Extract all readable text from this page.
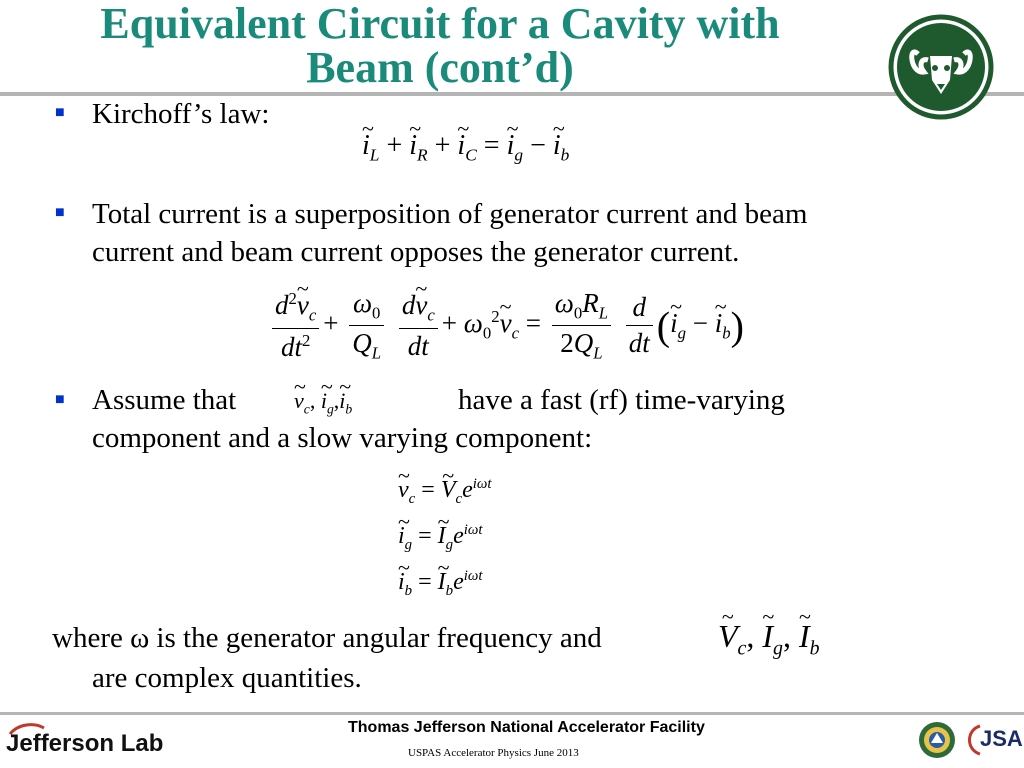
Equivalent Circuit for a Cavity with
Beam (cont’d)
■ Kirchoff’s law:
~ $i_L$ + ~ $i_R$ + ~ $i_C$ = ~ $i_g$ − ~ $i_b$
■ Total current is a superposition of generator current and beam
current and beam current opposes the generator current.
$\frac{d^2\sim v_c}{dt^2} + \frac{\omega_0}{Q_L}$
$\frac{d\sim v_c}{dt}$ + $\omega_0^2\sim$ $v_c = \frac{\omega_0R_L}{2Q_L}$
$\frac{d}{dt}$ (~ $i_g$ − ~ $i_b$)
■ Assume that	~ $v_c$, ~ $i_g,\sim$ $i_b$	have a fast (rf) time-varying
component and a slow varying component:
~ $v_c$ = ~ $V_ce^{i\omega t}$
~ $i_g$ = ~ $I_ge^{i\omega t}$
~ $i_b$ = ~ $I_be^{i\omega t}$
where ω is the generator angular frequency and	~ $V_c$, ~ $I_g$, ~ $I_b$
are complex quantities.
Jefferson Lab
Thomas Jefferson National Accelerator Facility
USPAS Accelerator Physics June 2013
JSA
